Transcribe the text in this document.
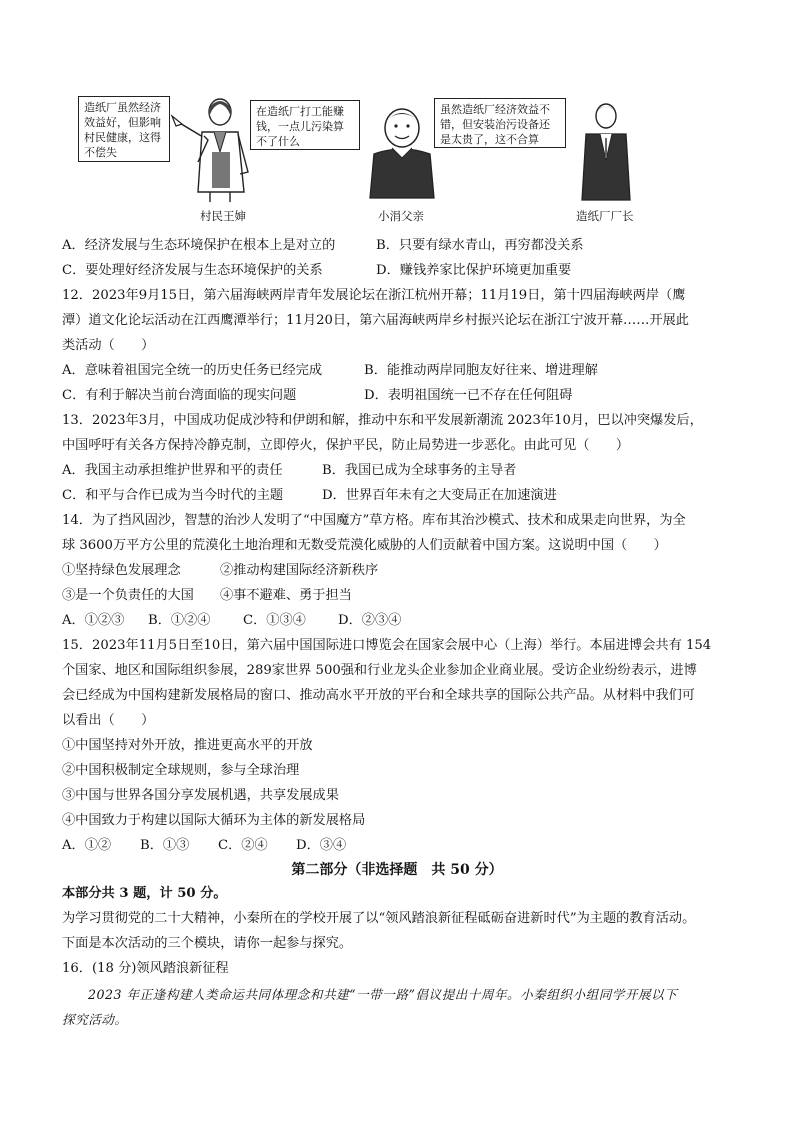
造纸厂虽然经济
效益好，但影响
村民健康，这得
不偿失
村民王婶
在造纸厂打工能赚
钱，一点儿污染算
不了什么
小涓父亲
虽然造纸厂经济效益不
错，但安装治污设备还
是太贵了，这不合算
造纸厂厂长
A．经济发展与生态环境保护在根本上是对立的	B．只要有绿水青山，再穷都没关系
C．要处理好经济发展与生态环境保护的关系	D．赚钱养家比保护环境更加重要
12．2023年9月15日，第六届海峡两岸青年发展论坛在浙江杭州开幕；11月19日，第十四届海峡两岸（鹰
潭）道文化论坛活动在江西鹰潭举行；11月20日，第六届海峡两岸乡村振兴论坛在浙江宁波开幕……开展此
类活动（　　）
A．意味着祖国完全统一的历史任务已经完成	B．能推动两岸同胞友好往来、增进理解
C．有利于解决当前台湾面临的现实问题	D．表明祖国统一已不存在任何阻碍
13．2023年3月，中国成功促成沙特和伊朗和解，推动中东和平发展新潮流 2023年10月，巴以冲突爆发后，
中国呼吁有关各方保持冷静克制，立即停火，保护平民，防止局势进一步恶化。由此可见（　　）
A．我国主动承担维护世界和平的责任	B．我国已成为全球事务的主导者
C．和平与合作已成为当今时代的主题	D．世界百年未有之大变局正在加速演进
14．为了挡风固沙，智慧的治沙人发明了“中国魔方”草方格。库布其治沙模式、技术和成果走向世界，为全
球 3600万平方公里的荒漠化土地治理和无数受荒漠化威胁的人们贡献着中国方案。这说明中国（　　）
①坚持绿色发展理念	②推动构建国际经济新秩序
③是一个负责任的大国 ④事不避难、勇于担当
A．①②③ B．①②④ C．①③④ D．②③④
15．2023年11月5日至10日，第六届中国国际进口博览会在国家会展中心（上海）举行。本届进博会共有 154
个国家、地区和国际组织参展，289家世界 500强和行业龙头企业参加企业商业展。受访企业纷纷表示，进博
会已经成为中国构建新发展格局的窗口、推动高水平开放的平台和全球共享的国际公共产品。从材料中我们可
以看出（　　）
①中国坚持对外开放，推进更高水平的开放
②中国积极制定全球规则，参与全球治理
③中国与世界各国分享发展机遇，共享发展成果
④中国致力于构建以国际大循环为主体的新发展格局
A．①② B．①③ C．②④ D．③④
第二部分（非选择题　共 50 分）
本部分共 3 题，计 50 分。
为学习贯彻党的二十大精神，小秦所在的学校开展了以“领风踏浪新征程砥砺奋进新时代”为主题的教育活动。
下面是本次活动的三个模块，请你一起参与探究。
16．(18 分)领风踏浪新征程
2023 年正逢构建人类命运共同体理念和共建“一带一路”倡议提出十周年。小秦组织小组同学开展以下
探究活动。
